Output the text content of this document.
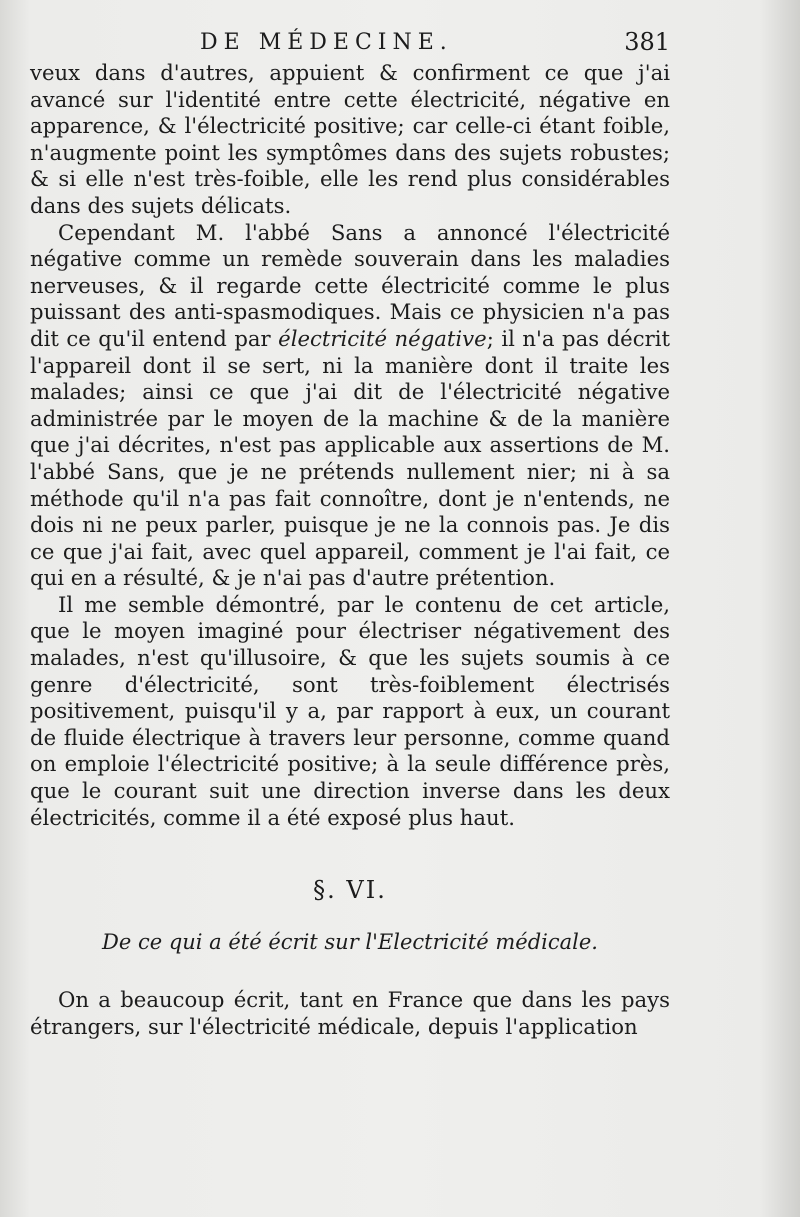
DE MÉDECINE.	381

veux dans d'autres, appuient & confirment ce que j'ai avancé sur l'identité entre cette électricité, négative en apparence, & l'électricité positive; car celle-ci étant foible, n'augmente point les symptômes dans des sujets robustes; & si elle n'est très-foible, elle les rend plus considérables dans des sujets délicats.

Cependant M. l'abbé Sans a annoncé l'électricité négative comme un remède souverain dans les maladies nerveuses, & il regarde cette électricité comme le plus puissant des anti-spasmodiques. Mais ce physicien n'a pas dit ce qu'il entend par électricité négative; il n'a pas décrit l'appareil dont il se sert, ni la manière dont il traite les malades; ainsi ce que j'ai dit de l'électricité négative administrée par le moyen de la machine & de la manière que j'ai décrites, n'est pas applicable aux assertions de M. l'abbé Sans, que je ne prétends nullement nier; ni à sa méthode qu'il n'a pas fait connoître, dont je n'entends, ne dois ni ne peux parler, puisque je ne la connois pas. Je dis ce que j'ai fait, avec quel appareil, comment je l'ai fait, ce qui en a résulté, & je n'ai pas d'autre prétention.

Il me semble démontré, par le contenu de cet article, que le moyen imaginé pour électriser négativement des malades, n'est qu'illusoire, & que les sujets soumis à ce genre d'électricité, sont très-foiblement électrisés positivement, puisqu'il y a, par rapport à eux, un courant de fluide électrique à travers leur personne, comme quand on emploie l'électricité positive; à la seule différence près, que le courant suit une direction inverse dans les deux électricités, comme il a été exposé plus haut.

§. VI.
De ce qui a été écrit sur l'Electricité médicale.
On a beaucoup écrit, tant en France que dans les pays étrangers, sur l'électricité médicale, depuis l'application
